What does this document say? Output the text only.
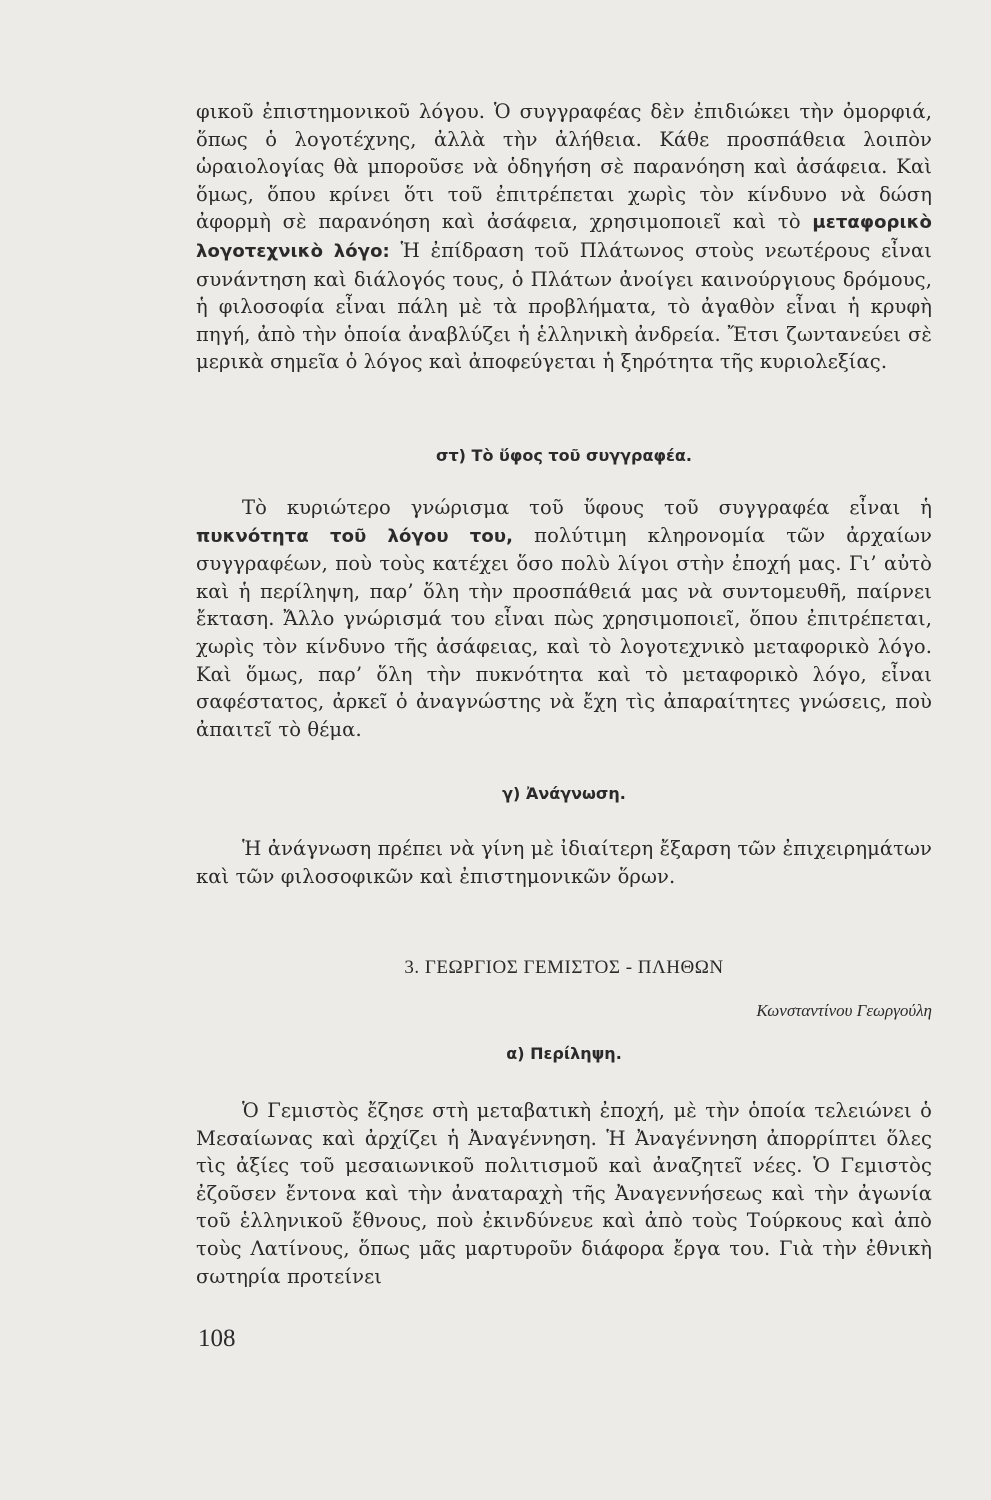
φικοῦ ἐπιστημονικοῦ λόγου. Ὁ συγγραφέας δὲν ἐπιδιώκει τὴν ὀμορφιά, ὅπως ὁ λογοτέχνης, ἀλλὰ τὴν ἀλήθεια. Κάθε προσπάθεια λοιπὸν ὡραιολογίας θὰ μποροῦσε νὰ ὁδηγήση σὲ παρανόηση καὶ ἀσάφεια. Καὶ ὅμως, ὅπου κρίνει ὅτι τοῦ ἐπιτρέπεται χωρὶς τὸν κίνδυνο νὰ δώση ἀφορμὴ σὲ παρανόηση καὶ ἀσάφεια, χρησιμοποιεῖ καὶ τὸ μεταφορικὸ λογοτεχνικὸ λόγο: Ἡ ἐπίδραση τοῦ Πλάτωνος στοὺς νεωτέρους εἶναι συνάντηση καὶ διάλογός τους, ὁ Πλάτων ἀνοίγει καινούργιους δρόμους, ἡ φιλοσοφία εἶναι πάλη μὲ τὰ προβλήματα, τὸ ἀγαθὸν εἶναι ἡ κρυφὴ πηγή, ἀπὸ τὴν ὁποία ἀναβλύζει ἡ ἑλληνικὴ ἀνδρεία. Ἔτσι ζωντανεύει σὲ μερικὰ σημεῖα ὁ λόγος καὶ ἀποφεύγεται ἡ ξηρότητα τῆς κυριολεξίας.

στ) Τὸ ὕφος τοῦ συγγραφέα.

Τὸ κυριώτερο γνώρισμα τοῦ ὕφους τοῦ συγγραφέα εἶναι ἡ πυκνότητα τοῦ λόγου του, πολύτιμη κληρονομία τῶν ἀρχαίων συγγραφέων, ποὺ τοὺς κατέχει ὅσο πολὺ λίγοι στὴν ἐποχή μας. Γι’ αὐτὸ καὶ ἡ περίληψη, παρ’ ὅλη τὴν προσπάθειά μας νὰ συντομευθῆ, παίρνει ἔκταση. Ἄλλο γνώρισμά του εἶναι πὼς χρησιμοποιεῖ, ὅπου ἐπιτρέπεται, χωρὶς τὸν κίνδυνο τῆς ἀσάφειας, καὶ τὸ λογοτεχνικὸ μεταφορικὸ λόγο. Καὶ ὅμως, παρ’ ὅλη τὴν πυκνότητα καὶ τὸ μεταφορικὸ λόγο, εἶναι σαφέστατος, ἀρκεῖ ὁ ἀναγνώστης νὰ ἔχη τὶς ἀπαραίτητες γνώσεις, ποὺ ἀπαιτεῖ τὸ θέμα.

γ) Ἀνάγνωση.

Ἡ ἀνάγνωση πρέπει νὰ γίνη μὲ ἰδιαίτερη ἔξαρση τῶν ἐπιχειρημάτων καὶ τῶν φιλοσοφικῶν καὶ ἐπιστημονικῶν ὅρων.

3. ΓΕΩΡΓΙΟΣ ΓΕΜΙΣΤΟΣ - ΠΛΗΘΩΝ
Κωνσταντίνου Γεωργούλη
α) Περίληψη.

Ὁ Γεμιστὸς ἔζησε στὴ μεταβατικὴ ἐποχή, μὲ τὴν ὁποία τελειώνει ὁ Μεσαίωνας καὶ ἀρχίζει ἡ Ἀναγέννηση. Ἡ Ἀναγέννηση ἀπορρίπτει ὅλες τὶς ἀξίες τοῦ μεσαιωνικοῦ πολιτισμοῦ καὶ ἀναζητεῖ νέες. Ὁ Γεμιστὸς ἐζοῦσεν ἔντονα καὶ τὴν ἀναταραχὴ τῆς Ἀναγεννήσεως καὶ τὴν ἀγωνία τοῦ ἑλληνικοῦ ἔθνους, ποὺ ἐκινδύνευε καὶ ἀπὸ τοὺς Τούρκους καὶ ἀπὸ τοὺς Λατίνους, ὅπως μᾶς μαρτυροῦν διάφορα ἔργα του. Γιὰ τὴν ἐθνικὴ σωτηρία προτείνει

108
